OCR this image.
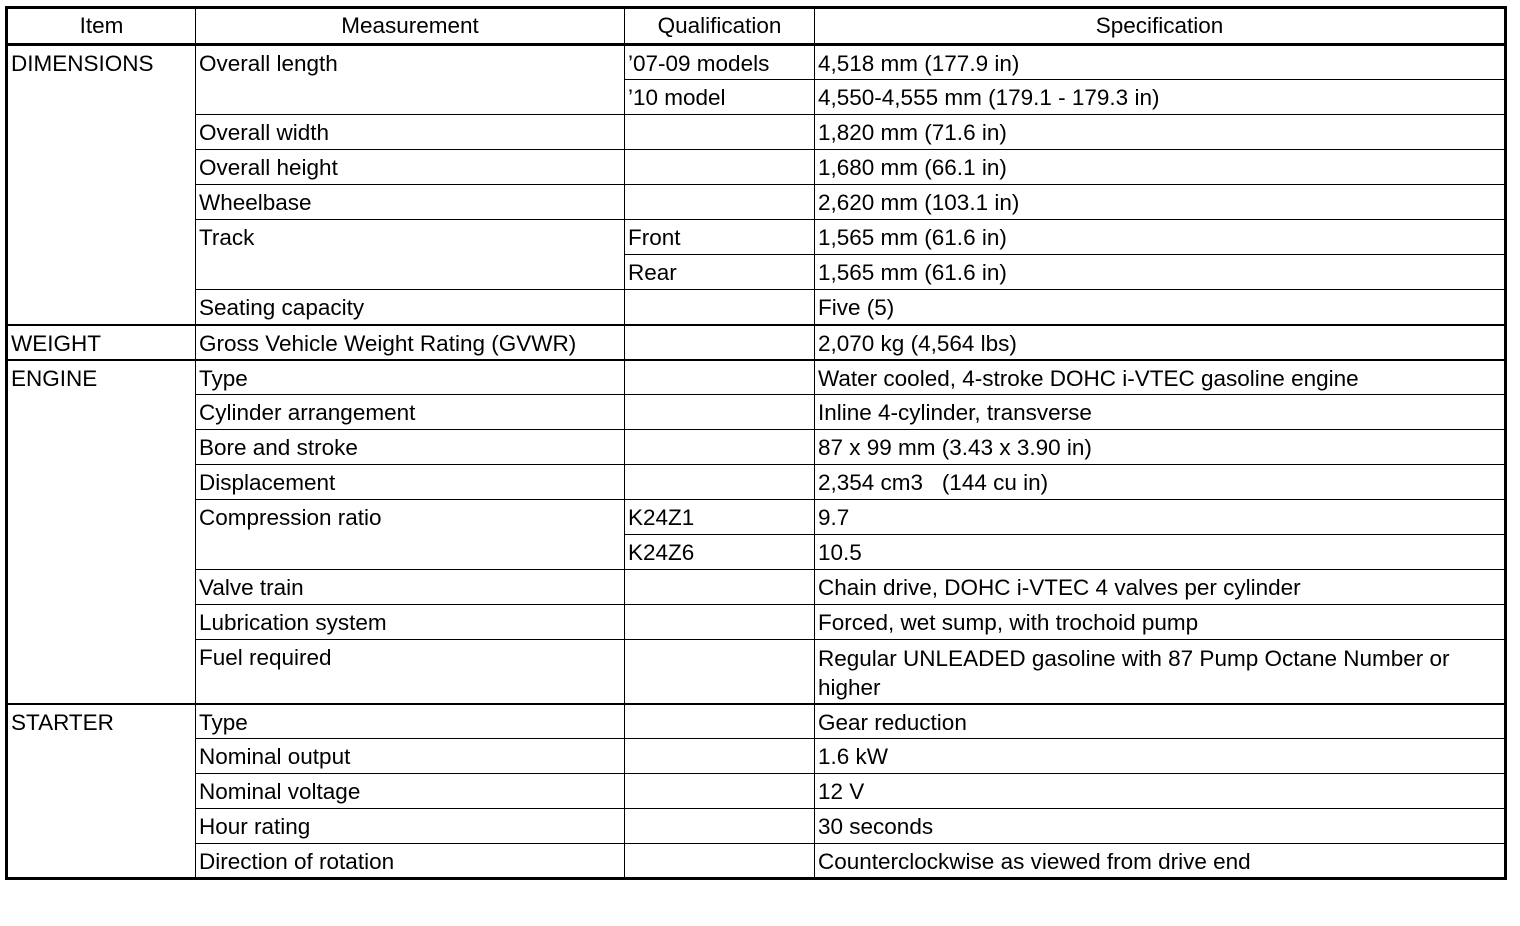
Item	Measurement	Qualification	Specification
DIMENSIONS	Overall length	’07-09 models	4,518 mm (177.9 in)
		’10 model	4,550-4,555 mm (179.1 - 179.3 in)
	Overall width		1,820 mm (71.6 in)
	Overall height		1,680 mm (66.1 in)
	Wheelbase		2,620 mm (103.1 in)
	Track	Front	1,565 mm (61.6 in)
		Rear	1,565 mm (61.6 in)
	Seating capacity		Five (5)
WEIGHT	Gross Vehicle Weight Rating (GVWR)		2,070 kg (4,564 lbs)
ENGINE	Type		Water cooled, 4-stroke DOHC i-VTEC gasoline engine
	Cylinder arrangement		Inline 4-cylinder, transverse
	Bore and stroke		87 x 99 mm (3.43 x 3.90 in)
	Displacement		2,354 cm3   (144 cu in)
	Compression ratio	K24Z1	9.7
		K24Z6	10.5
	Valve train		Chain drive, DOHC i-VTEC 4 valves per cylinder
	Lubrication system		Forced, wet sump, with trochoid pump
	Fuel required		Regular UNLEADED gasoline with 87 Pump Octane Number or higher
STARTER	Type		Gear reduction
	Nominal output		1.6 kW
	Nominal voltage		12 V
	Hour rating		30 seconds
	Direction of rotation		Counterclockwise as viewed from drive end
